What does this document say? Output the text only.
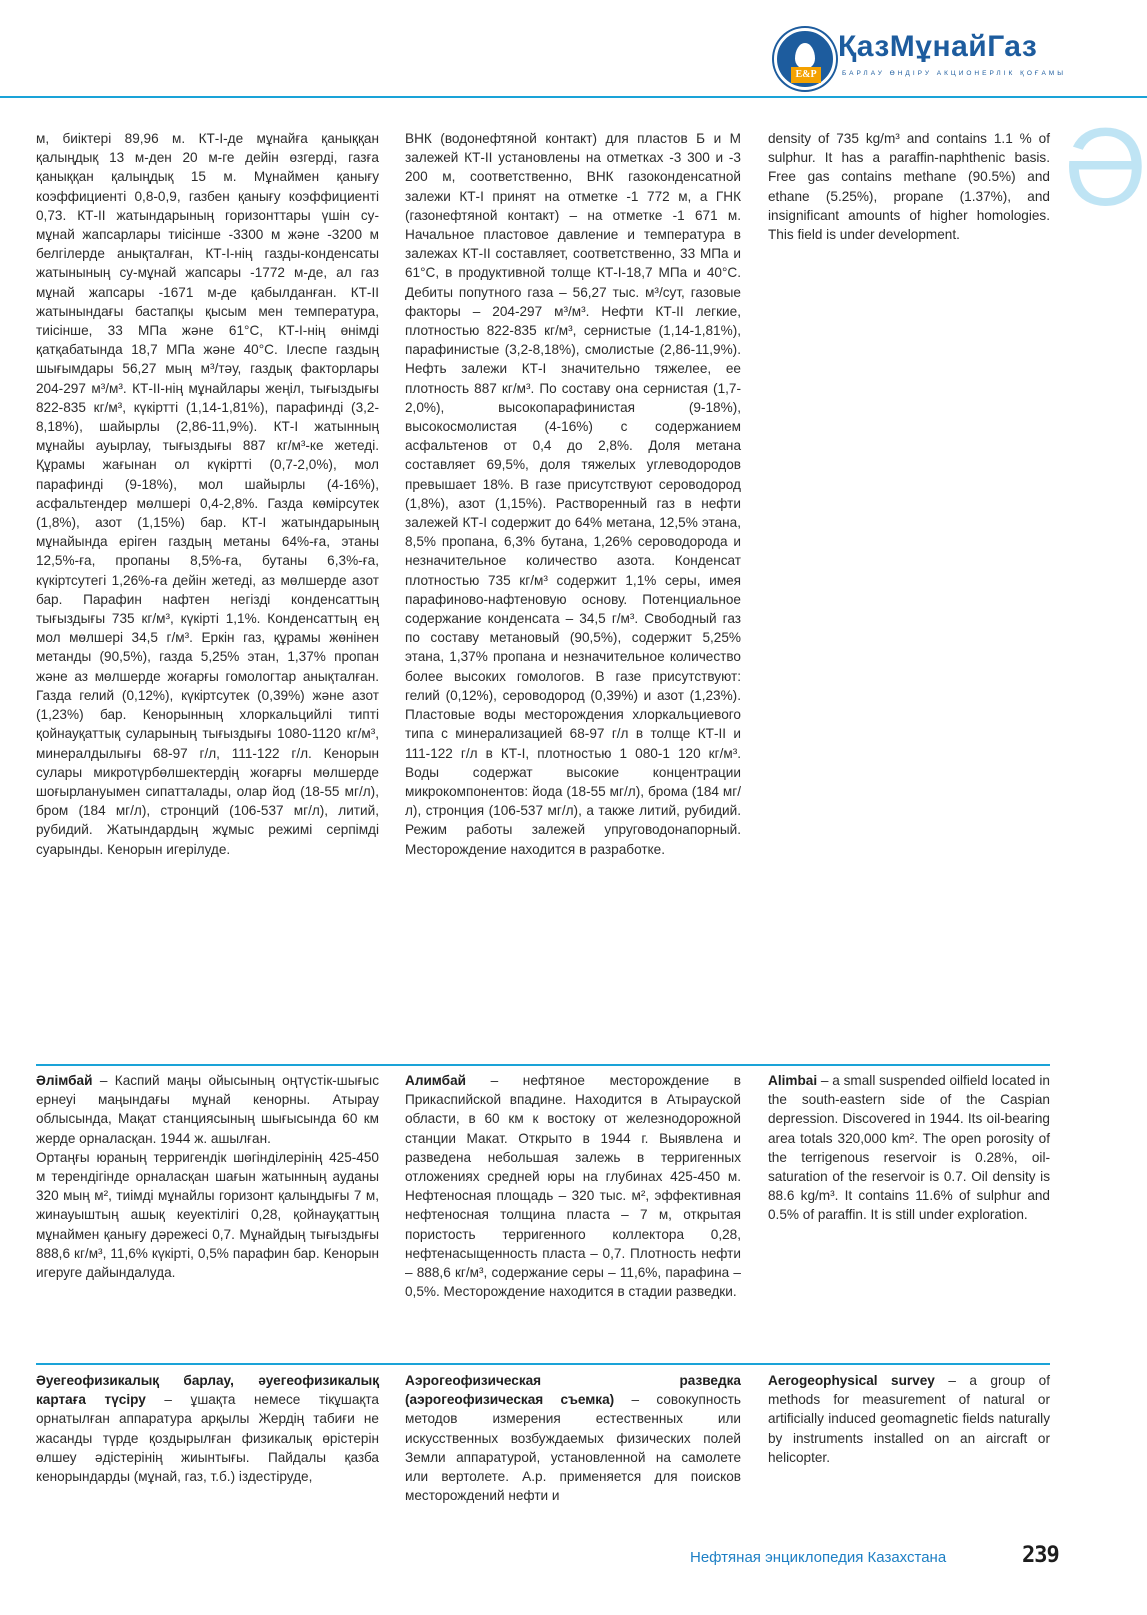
E&P
ҚазМұнайГаз
БАРЛАУ ӨНДІРУ АКЦИОНЕРЛІК ҚОҒАМЫ
Ә

м, биіктері 89,96 м. КТ-І-де мұнайға қаныққан қалыңдық 13 м-ден 20 м-ге дейін өзгерді, газға қаныққан қалыңдық 15 м. Мұнаймен қанығу коэффициенті 0,8-0,9, газбен қанығу коэффициенті 0,73. КТ-ІІ жатындарының горизонттары үшін су-мұнай жапсарлары тиісінше -3300 м және -3200 м белгілерде анықталған, КТ-І-нің газды-конденсаты жатынының су-мұнай жапсары -1772 м-де, ал газ мұнай жапсары -1671 м-де қабылданған. КТ-ІІ жатынындағы бастапқы қысым мен температура, тиісінше, 33 МПа және 61°С, КТ-І-нің өнімді қатқабатында 18,7 МПа және 40°С. Ілеспе газдың шығымдары 56,27 мың м³/тәу, газдық факторлары 204-297 м³/м³. КТ-ІІ-нің мұнайлары жеңіл, тығыздығы 822-835 кг/м³, күкіртті (1,14-1,81%), парафинді (3,2-8,18%), шайырлы (2,86-11,9%). КТ-І жатынның мұнайы ауырлау, тығыздығы 887 кг/м³-ке жетеді. Құрамы жағынан ол күкіртті (0,7-2,0%), мол парафинді (9-18%), мол шайырлы (4-16%), асфальтендер мөлшері 0,4-2,8%. Газда көмірсутек (1,8%), азот (1,15%) бар. КТ-І жатындарының мұнайында еріген газдың метаны 64%-ға, этаны 12,5%-ға, пропаны 8,5%-ға, бутаны 6,3%-ға, күкіртсутегі 1,26%-ға дейін жетеді, аз мөлшерде азот бар. Парафин нафтен негізді конденсаттың тығыздығы 735 кг/м³, күкірті 1,1%. Конденсаттың ең мол мөлшері 34,5 г/м³. Еркін газ, құрамы жөнінен метанды (90,5%), газда 5,25% этан, 1,37% пропан және аз мөлшерде жоғарғы гомологтар анықталған. Газда гелий (0,12%), күкіртсутек (0,39%) және азот (1,23%) бар. Кенорынның хлоркальцийлі типті қойнауқаттық суларының тығыздығы 1080-1120 кг/м³, минералдылығы 68-97 г/л, 111-122 г/л. Кенорын сулары микротүрбөлшектердің жоғарғы мөлшерде шоғырлануымен сипатталады, олар йод (18-55 мг/л), бром (184 мг/л), стронций (106-537 мг/л), литий, рубидий. Жатындардың жұмыс режимі серпімді суарынды. Кенорын игерілуде.

ВНК (водонефтяной контакт) для пластов Б и М залежей КТ-ІІ установлены на отметках -3 300 и -3 200 м, соответственно, ВНК газоконденсатной залежи КТ-І принят на отметке -1 772 м, а ГНК (газонефтяной контакт) – на отметке -1 671 м. Начальное пластовое давление и температура в залежах КТ-ІІ составляет, соответственно, 33 МПа и 61°С, в продуктивной толще КТ-І-18,7 МПа и 40°С. Дебиты попутного газа – 56,27 тыс. м³/сут, газовые факторы – 204-297 м³/м³. Нефти КТ-ІІ легкие, плотностью 822-835 кг/м³, сернистые (1,14-1,81%), парафинистые (3,2-8,18%), смолистые (2,86-11,9%). Нефть залежи КТ-І значительно тяжелее, ее плотность 887 кг/м³. По составу она сернистая (1,7-2,0%), высокопарафинистая (9-18%), высокосмолистая (4-16%) с содержанием асфальтенов от 0,4 до 2,8%. Доля метана составляет 69,5%, доля тяжелых углеводородов превышает 18%. В газе присутствуют сероводород (1,8%), азот (1,15%). Растворенный газ в нефти залежей КТ-І содержит до 64% метана, 12,5% этана, 8,5% пропана, 6,3% бутана, 1,26% сероводорода и незначительное количество азота. Конденсат плотностью 735 кг/м³ содержит 1,1% серы, имея парафиново-нафтеновую основу. Потенциальное содержание конденсата – 34,5 г/м³. Свободный газ по составу метановый (90,5%), содержит 5,25% этана, 1,37% пропана и незначительное количество более высоких гомологов. В газе присутствуют: гелий (0,12%), сероводород (0,39%) и азот (1,23%). Пластовые воды месторождения хлоркальциевого типа с минерализацией 68-97 г/л в толще КТ-ІІ и 111-122 г/л в КТ-І, плотностью 1 080-1 120 кг/м³. Воды содержат высокие концентрации микрокомпонентов: йода (18-55 мг/л), брома (184 мг/л), стронция (106-537 мг/л), а также литий, рубидий. Режим работы залежей упруговодонапорный. Месторождение находится в разработке.

density of 735 kg/m³ and contains 1.1 % of sulphur. It has a paraffin-naphthenic basis. Free gas contains methane (90.5%) and ethane (5.25%), propane (1.37%), and insignificant amounts of higher homologies. This field is under development.

Әлімбай – Каспий маңы ойысының оңтүстік-шығыс ернеуі маңындағы мұнай кенорны. Атырау облысында, Мақат станциясының шығысында 60 км жерде орналасқан. 1944 ж. ашылған.

Ортаңғы юраның терригендік шөгінділерінің 425-450 м терендігінде орналасқан шағын жатынның ауданы 320 мың м², тиімді мұнайлы горизонт қалыңдығы 7 м, жинауыштың ашық кеуектілігі 0,28, қойнауқаттың мұнаймен қанығу дәрежесі 0,7. Мұнайдың тығыздығы 888,6 кг/м³, 11,6% күкірті, 0,5% парафин бар. Кенорын игеруге дайындалуда.

Алимбай – нефтяное месторождение в Прикаспийской впадине. Находится в Атырауской области, в 60 км к востоку от железнодорожной станции Макат. Открыто в 1944 г. Выявлена и разведена небольшая залежь в терригенных отложениях средней юры на глубинах 425-450 м. Нефтеносная площадь – 320 тыс. м², эффективная нефтеносная толщина пласта – 7 м, открытая пористость терригенного коллектора 0,28, нефтенасыщенность пласта – 0,7. Плотность нефти – 888,6 кг/м³, содержание серы – 11,6%, парафина – 0,5%. Месторождение находится в стадии разведки.

Alimbai – a small suspended oilfield located in the south-eastern side of the Caspian depression. Discovered in 1944. Its oil-bearing area totals 320,000 km². The open porosity of the terrigenous reservoir is 0.28%, oil-saturation of the reservoir is 0.7. Oil density is 88.6 kg/m³. It contains 11.6% of sulphur and 0.5% of paraffin. It is still under exploration.

Әуегеофизикалық барлау, әуегеофизикалық картаға түсіру – ұшақта немесе тікұшақта орнатылған аппаратура арқылы Жердің табиғи не жасанды түрде қоздырылған физикалық өрістерін өлшеу әдістерінің жиынтығы. Пайдалы қазба кенорындарды (мұнай, газ, т.б.) іздестіруде,

Аэрогеофизическая разведка (аэрогеофизическая съемка) – совокупность методов измерения естественных или искусственных возбуждаемых физических полей Земли аппаратурой, установленной на самолете или вертолете. А.р. применяется для поисков месторождений нефти и

Aerogeophysical survey – a group of methods for measurement of natural or artificially induced geomagnetic fields naturally by instruments installed on an aircraft or helicopter.

Нефтяная энциклопедия Казахстана	239
